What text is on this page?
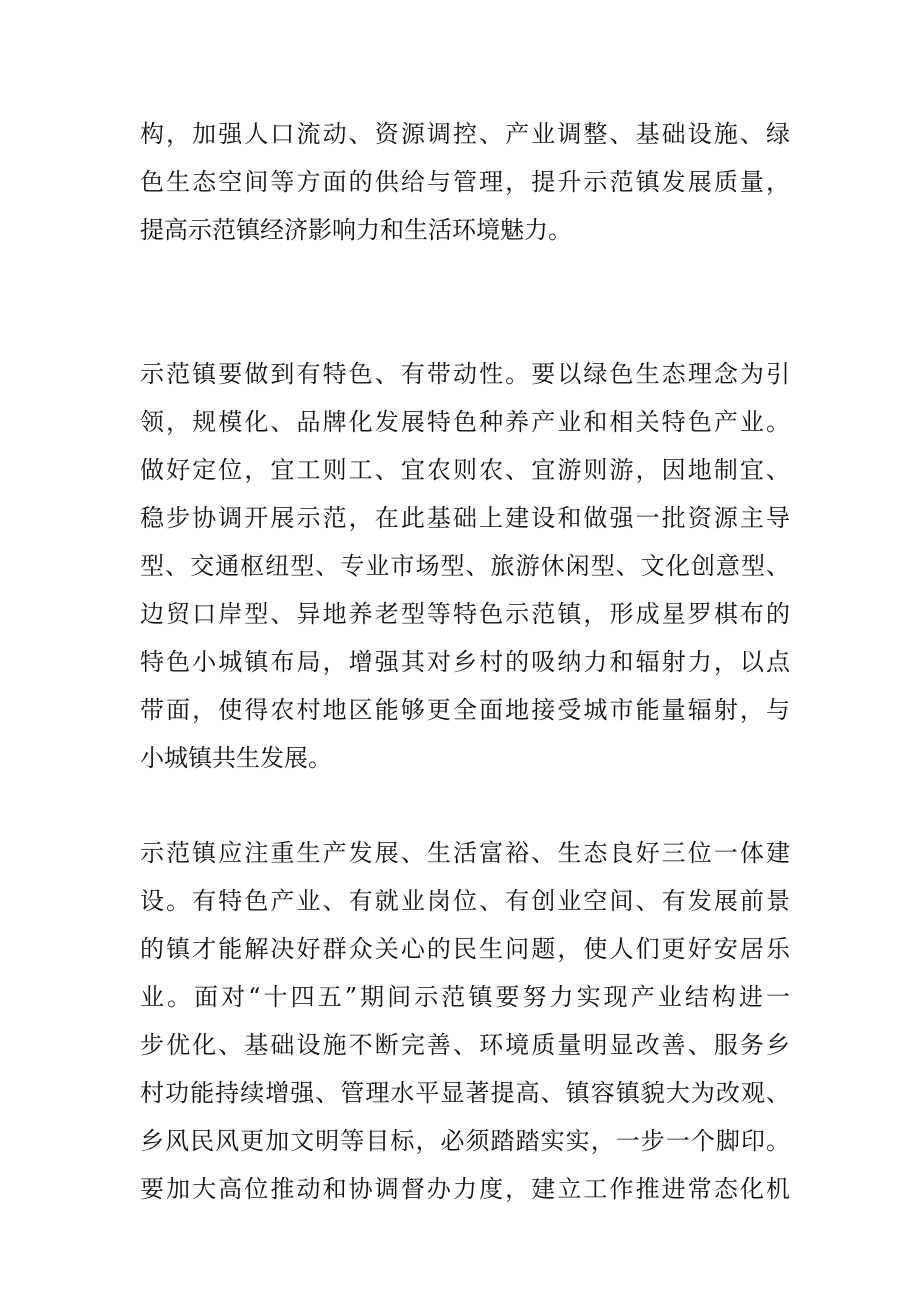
构，加强人口流动、资源调控、产业调整、基础设施、绿
色生态空间等方面的供给与管理，提升示范镇发展质量，
提高示范镇经济影响力和生活环境魅力。
示范镇要做到有特色、有带动性。要以绿色生态理念为引
领，规模化、品牌化发展特色种养产业和相关特色产业。
做好定位，宜工则工、宜农则农、宜游则游，因地制宜、
稳步协调开展示范，在此基础上建设和做强一批资源主导
型、交通枢纽型、专业市场型、旅游休闲型、文化创意型、
边贸口岸型、异地养老型等特色示范镇，形成星罗棋布的
特色小城镇布局，增强其对乡村的吸纳力和辐射力，以点
带面，使得农村地区能够更全面地接受城市能量辐射，与
小城镇共生发展。
示范镇应注重生产发展、生活富裕、生态良好三位一体建
设。有特色产业、有就业岗位、有创业空间、有发展前景
的镇才能解决好群众关心的民生问题，使人们更好安居乐
业。面对“十四五”期间示范镇要努力实现产业结构进一
步优化、基础设施不断完善、环境质量明显改善、服务乡
村功能持续增强、管理水平显著提高、镇容镇貌大为改观、
乡风民风更加文明等目标，必须踏踏实实，一步一个脚印。
要加大高位推动和协调督办力度，建立工作推进常态化机
